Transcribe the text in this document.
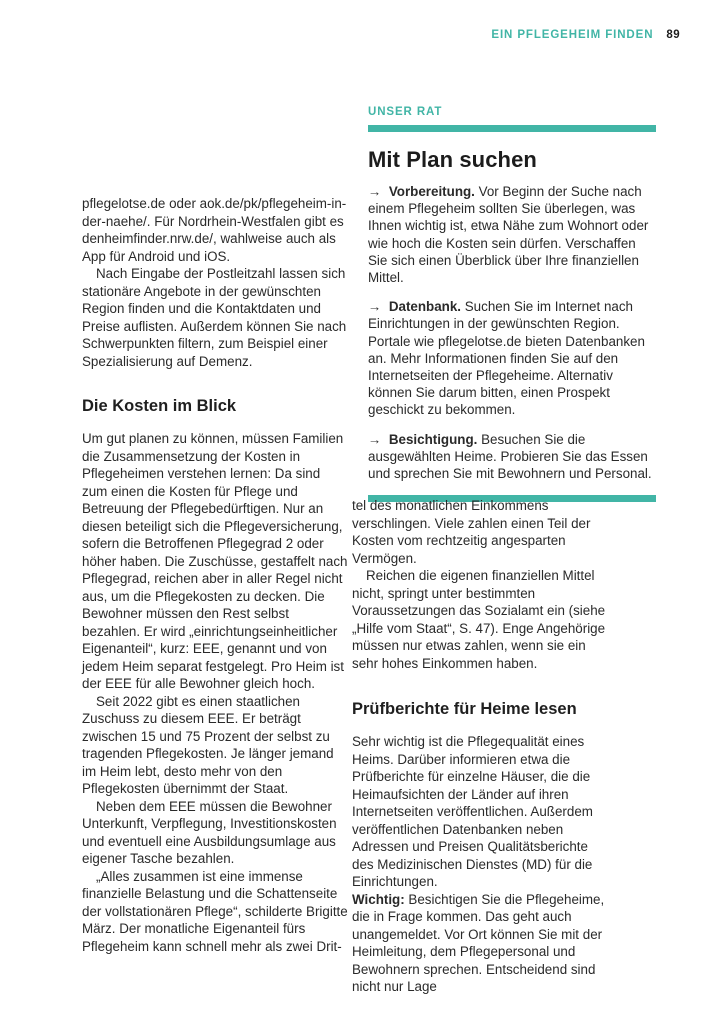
EIN PFLEGEHEIM FINDEN 89

UNSER RAT

Mit Plan suchen

→  Vorbereitung. Vor Beginn der Suche nach einem Pflegeheim sollten Sie überlegen, was Ihnen wichtig ist, etwa Nähe zum Wohnort oder wie hoch die Kosten sein dürfen. Verschaffen Sie sich einen Überblick über Ihre finanziellen Mittel.

→  Datenbank. Suchen Sie im Internet nach Einrichtungen in der gewünschten Region. Portale wie pflegelotse.de bieten Datenbanken an. Mehr Informationen finden Sie auf den Internetseiten der Pflegeheime. Alternativ können Sie darum bitten, einen Prospekt geschickt zu bekommen.

→  Besichtigung. Besuchen Sie die ausgewählten Heime. Probieren Sie das Essen und sprechen Sie mit Bewohnern und Personal.

pflegelotse.de oder aok.de/pk/pflegeheim-in-der-naehe/. Für Nordrhein-Westfalen gibt es denheimfinder.nrw.de/, wahlweise auch als App für Android und iOS.

Nach Eingabe der Postleitzahl lassen sich stationäre Angebote in der gewünschten Region finden und die Kontaktdaten und Preise auflisten. Außerdem können Sie nach Schwerpunkten filtern, zum Beispiel einer Spezialisierung auf Demenz.

Die Kosten im Blick

Um gut planen zu können, müssen Familien die Zusammensetzung der Kosten in Pflegeheimen verstehen lernen: Da sind zum einen die Kosten für Pflege und Betreuung der Pflegebedürftigen. Nur an diesen beteiligt sich die Pflegeversicherung, sofern die Betroffenen Pflegegrad 2 oder höher haben. Die Zuschüsse, gestaffelt nach Pflegegrad, reichen aber in aller Regel nicht aus, um die Pflegekosten zu decken. Die Bewohner müssen den Rest selbst bezahlen. Er wird „einrichtungseinheitlicher Eigenanteil“, kurz: EEE, genannt und von jedem Heim separat festgelegt. Pro Heim ist der EEE für alle Bewohner gleich hoch.

Seit 2022 gibt es einen staatlichen Zuschuss zu diesem EEE. Er beträgt zwischen 15 und 75 Prozent der selbst zu tragenden Pflegekosten. Je länger jemand im Heim lebt, desto mehr von den Pflegekosten übernimmt der Staat.

Neben dem EEE müssen die Bewohner Unterkunft, Verpflegung, Investitionskosten und eventuell eine Ausbildungsumlage aus eigener Tasche bezahlen.

„Alles zusammen ist eine immense finanzielle Belastung und die Schattenseite der vollstationären Pflege“, schilderte Brigitte März. Der monatliche Eigenanteil fürs Pflegeheim kann schnell mehr als zwei Drit-

tel des monatlichen Einkommens verschlingen. Viele zahlen einen Teil der Kosten vom rechtzeitig angesparten Vermögen.

Reichen die eigenen finanziellen Mittel nicht, springt unter bestimmten Voraussetzungen das Sozialamt ein (siehe „Hilfe vom Staat“, S. 47). Enge Angehörige müssen nur etwas zahlen, wenn sie ein sehr hohes Einkommen haben.

Prüfberichte für Heime lesen

Sehr wichtig ist die Pflegequalität eines Heims. Darüber informieren etwa die Prüfberichte für einzelne Häuser, die die Heimaufsichten der Länder auf ihren Internetseiten veröffentlichen. Außerdem veröffentlichen Datenbanken neben Adressen und Preisen Qualitätsberichte des Medizinischen Dienstes (MD) für die Einrichtungen.

Wichtig: Besichtigen Sie die Pflegeheime, die in Frage kommen. Das geht auch unangemeldet. Vor Ort können Sie mit der Heimleitung, dem Pflegepersonal und Bewohnern sprechen. Entscheidend sind nicht nur Lage
